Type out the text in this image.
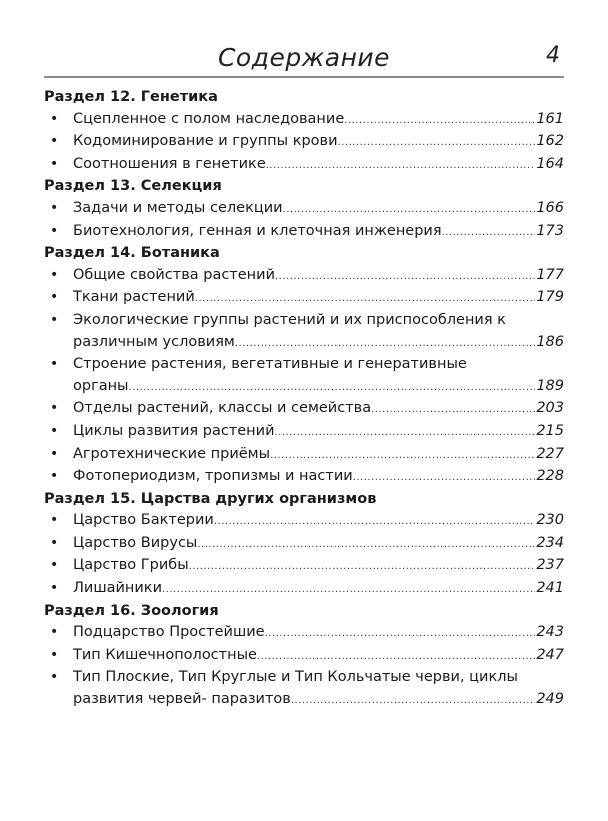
Содержание	4
Раздел 12. Генетика
• Сцепленное с полом наследование .....	161
• Кодоминирование и группы крови .....	162
• Соотношения в генетике .....	164
Раздел 13. Селекция
• Задачи и методы селекции .....	166
• Биотехнология, генная и клеточная инженерия .....	173
Раздел 14. Ботаника
• Общие свойства растений .....	177
• Ткани растений .....	179
• Экологические группы растений и их приспособления к
различным условиям .....	186
• Строение растения, вегетативные и генеративные
органы .....	189
• Отделы растений, классы и семейства .....	203
• Циклы развития растений .....	215
• Агротехнические приёмы .....	227
• Фотопериодизм, тропизмы и настии .....	228
Раздел 15. Царства других организмов
• Царство Бактерии .....	230
• Царство Вирусы .....	234
• Царство Грибы .....	237
• Лишайники .....	241
Раздел 16. Зоология
• Подцарство Простейшие .....	243
• Тип Кишечнополостные .....	247
• Тип Плоские, Тип Круглые и Тип Кольчатые черви, циклы
развития червей- паразитов .....	249
